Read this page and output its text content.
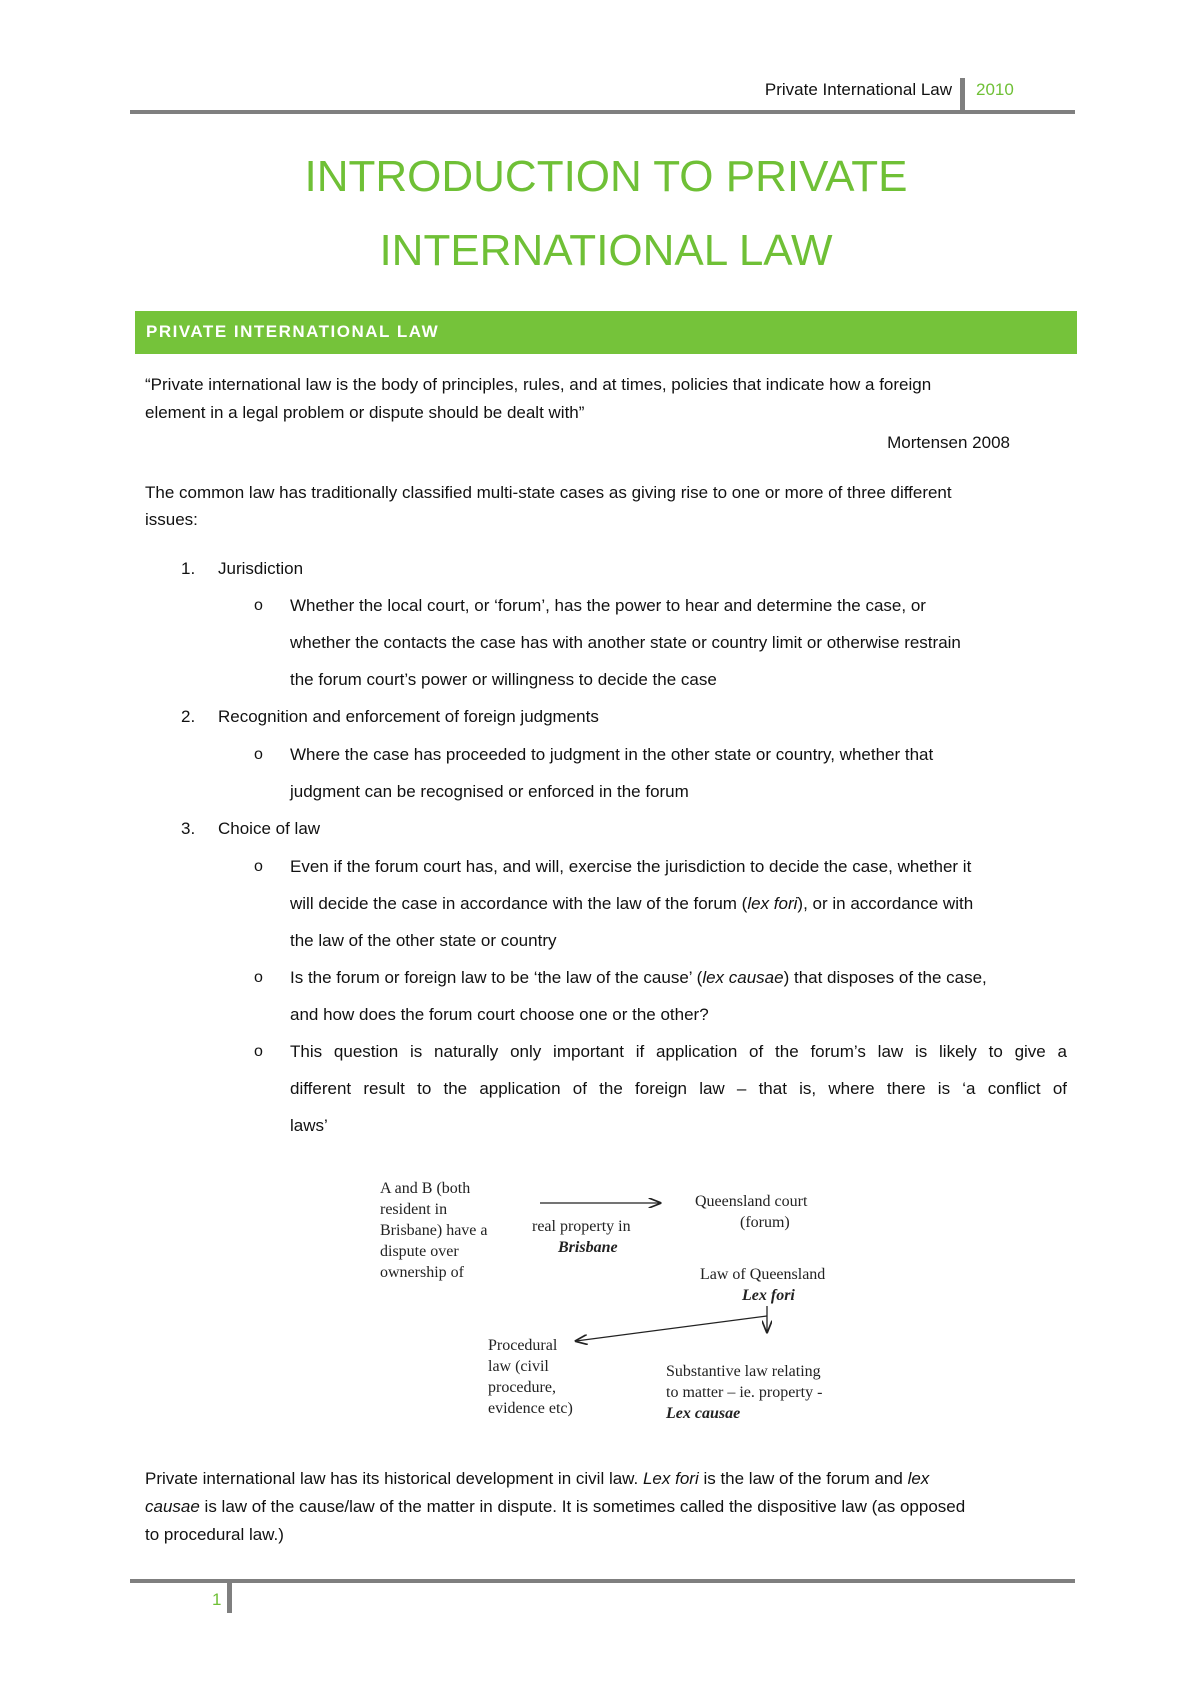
Private International Law 2010
INTRODUCTION TO PRIVATE
INTERNATIONAL LAW
PRIVATE INTERNATIONAL LAW
“Private international law is the body of principles, rules, and at times, policies that indicate how a foreign
element in a legal problem or dispute should be dealt with”
Mortensen 2008
The common law has traditionally classified multi-state cases as giving rise to one or more of three different
issues:
1. Jurisdiction
o Whether the local court, or ‘forum’, has the power to hear and determine the case, or
whether the contacts the case has with another state or country limit or otherwise restrain
the forum court’s power or willingness to decide the case
2. Recognition and enforcement of foreign judgments
o Where the case has proceeded to judgment in the other state or country, whether that
judgment can be recognised or enforced in the forum
3. Choice of law
o Even if the forum court has, and will, exercise the jurisdiction to decide the case, whether it
will decide the case in accordance with the law of the forum (lex fori), or in accordance with
the law of the other state or country
o Is the forum or foreign law to be ‘the law of the cause’ (lex causae) that disposes of the case,
and how does the forum court choose one or the other?
o This question is naturally only important if application of the forum’s law is likely to give a
different result to the application of the foreign law – that is, where there is ‘a conflict of
laws’
A and B (both
resident in
Brisbane) have a
dispute over
ownership of
real property in
Brisbane
Queensland court
(forum)
Law of Queensland
Lex fori
Procedural
law (civil
procedure,
evidence etc)
Substantive law relating
to matter – ie. property -
Lex causae
Private international law has its historical development in civil law. Lex fori is the law of the forum and lex
causae is law of the cause/law of the matter in dispute. It is sometimes called the dispositive law (as opposed
to procedural law.)
1
